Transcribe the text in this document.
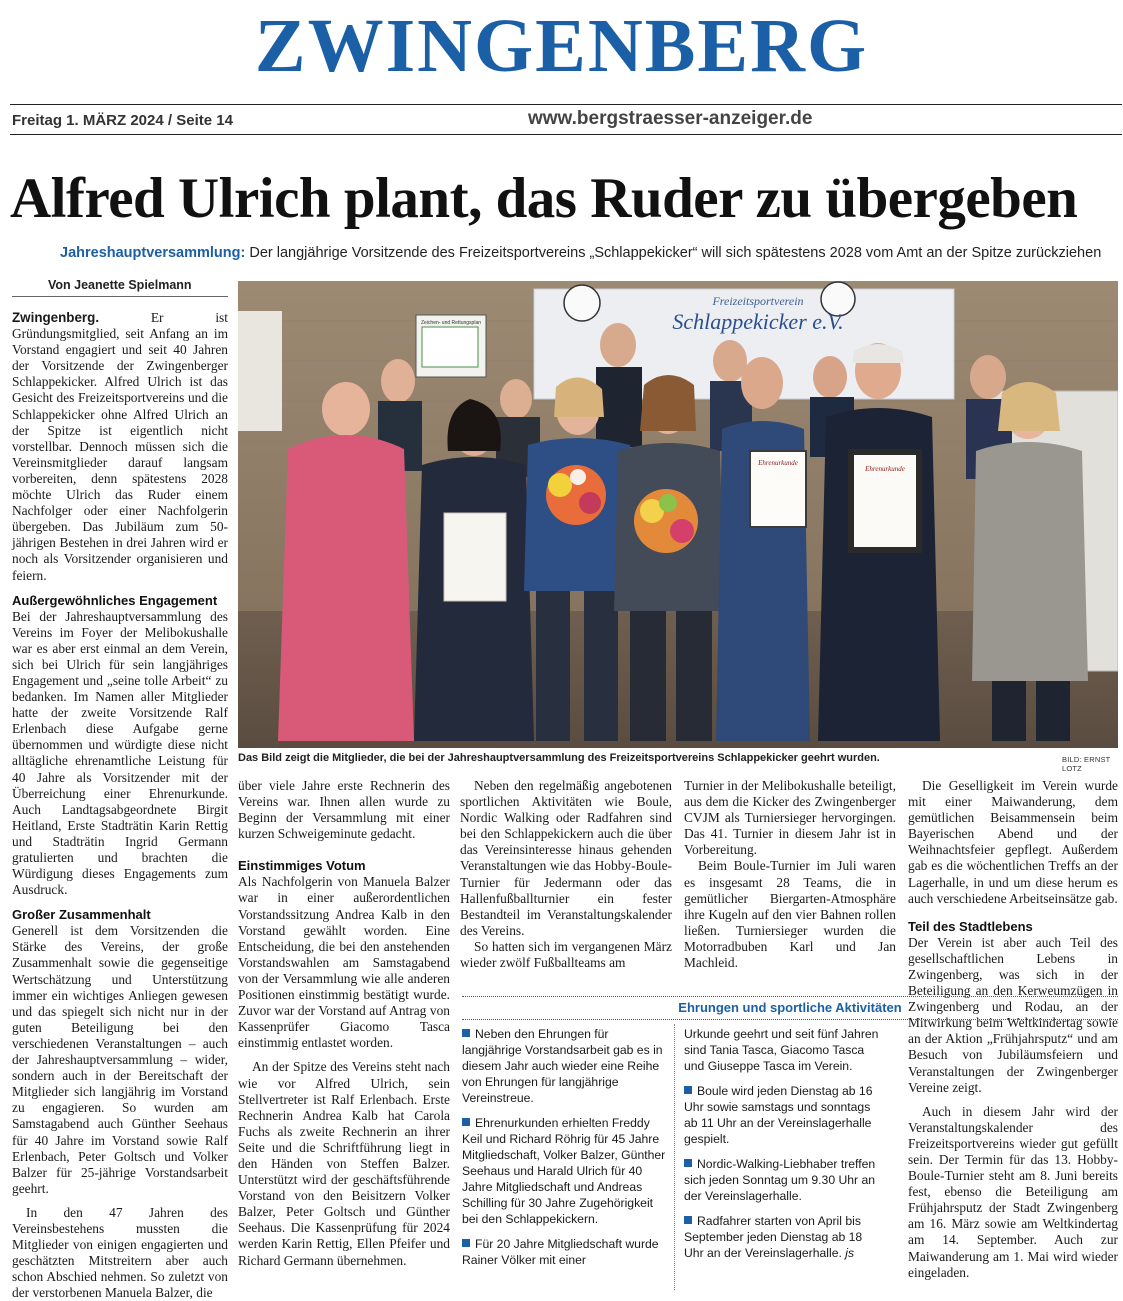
ZWINGENBERG
Freitag 1. MÄRZ 2024 / Seite 14	www.bergstraesser-anzeiger.de
Alfred Ulrich plant, das Ruder zu übergeben
Jahreshauptversammlung: Der langjährige Vorsitzende des Freizeitsportvereins „Schlappekicker“ will sich spätestens 2028 vom Amt an der Spitze zurückziehen
Von Jeanette Spielmann

Zwingenberg. Er ist Gründungsmitglied, seit Anfang an im Vorstand engagiert und seit 40 Jahren der Vorsitzende der Zwingenberger Schlappekicker. Alfred Ulrich ist das Gesicht des Freizeitsportvereins und die Schlappekicker ohne Alfred Ulrich an der Spitze ist eigentlich nicht vorstellbar. Dennoch müssen sich die Vereinsmitglieder darauf langsam vorbereiten, denn spätestens 2028 möchte Ulrich das Ruder einem Nachfolger oder einer Nachfolgerin übergeben. Das Jubiläum zum 50-jährigen Bestehen in drei Jahren wird er noch als Vorsitzender organisieren und feiern.

Außergewöhnliches Engagement

Bei der Jahreshauptversammlung des Vereins im Foyer der Melibokushalle war es aber erst einmal an dem Verein, sich bei Ulrich für sein langjähriges Engagement und „seine tolle Arbeit“ zu bedanken. Im Namen aller Mitglieder hatte der zweite Vorsitzende Ralf Erlenbach diese Aufgabe gerne übernommen und würdigte diese nicht alltägliche ehrenamtliche Leistung für 40 Jahre als Vorsitzender mit der Überreichung einer Ehrenurkunde. Auch Landtagsabgeordnete Birgit Heitland, Erste Stadträtin Karin Rettig und Stadträtin Ingrid Germann gratulierten und brachten die Würdigung dieses Engagements zum Ausdruck.

Großer Zusammenhalt

Generell ist dem Vorsitzenden die Stärke des Vereins, der große Zusammenhalt sowie die gegenseitige Wertschätzung und Unterstützung immer ein wichtiges Anliegen gewesen und das spiegelt sich nicht nur in der guten Beteiligung bei den verschiedenen Veranstaltungen – auch der Jahreshauptversammlung – wider, sondern auch in der Bereitschaft der Mitglieder sich langjährig im Vorstand zu engagieren. So wurden am Samstagabend auch Günther Seehaus für 40 Jahre im Vorstand sowie Ralf Erlenbach, Peter Goltsch und Volker Balzer für 25-jährige Vorstandsarbeit geehrt.

In den 47 Jahren des Vereinsbestehens mussten die Mitglieder von einigen engagierten und geschätzten Mitstreitern aber auch schon Abschied nehmen. So zuletzt von der verstorbenen Manuela Balzer, die

Zeichen- und Rettungsplan
Freizeitsportverein
Schlappekicker e.V.
Ehrenurkunde
Ehrenurkunde
Das Bild zeigt die Mitglieder, die bei der Jahreshauptversammlung des Freizeitsportvereins Schlappekicker geehrt wurden.	BILD: ERNST LOTZ

über viele Jahre erste Rechnerin des Vereins war. Ihnen allen wurde zu Beginn der Versammlung mit einer kurzen Schweigeminute gedacht.

Einstimmiges Votum

Als Nachfolgerin von Manuela Balzer war in einer außerordentlichen Vorstandssitzung Andrea Kalb in den Vorstand gewählt worden. Eine Entscheidung, die bei den anstehenden Vorstandswahlen am Samstagabend von der Versammlung wie alle anderen Positionen einstimmig bestätigt wurde. Zuvor war der Vorstand auf Antrag von Kassenprüfer Giacomo Tasca einstimmig entlastet worden.

An der Spitze des Vereins steht nach wie vor Alfred Ulrich, sein Stellvertreter ist Ralf Erlenbach. Erste Rechnerin Andrea Kalb hat Carola Fuchs als zweite Rechnerin an ihrer Seite und die Schriftführung liegt in den Händen von Steffen Balzer. Unterstützt wird der geschäftsführende Vorstand von den Beisitzern Volker Balzer, Peter Goltsch und Günther Seehaus. Die Kassenprüfung für 2024 werden Karin Rettig, Ellen Pfeifer und Richard Germann übernehmen.

Neben den regelmäßig angebotenen sportlichen Aktivitäten wie Boule, Nordic Walking oder Radfahren sind bei den Schlappekickern auch die über das Vereinsinteresse hinaus gehenden Veranstaltungen wie das Hobby-Boule-Turnier für Jedermann oder das Hallenfußballturnier ein fester Bestandteil im Veranstaltungskalender des Vereins.

So hatten sich im vergangenen März wieder zwölf Fußballteams am

Turnier in der Melibokushalle beteiligt, aus dem die Kicker des Zwingenberger CVJM als Turniersieger hervorgingen. Das 41. Turnier in diesem Jahr ist in Vorbereitung.

Beim Boule-Turnier im Juli waren es insgesamt 28 Teams, die in gemütlicher Biergarten-Atmosphäre ihre Kugeln auf den vier Bahnen rollen ließen. Turniersieger wurden die Motorradbuben Karl und Jan Machleid.

Die Geselligkeit im Verein wurde mit einer Maiwanderung, dem gemütlichen Beisammensein beim Bayerischen Abend und der Weihnachtsfeier gepflegt. Außerdem gab es die wöchentlichen Treffs an der Lagerhalle, in und um diese herum es auch verschiedene Arbeitseinsätze gab.

Teil des Stadtlebens

Der Verein ist aber auch Teil des gesellschaftlichen Lebens in Zwingenberg, was sich in der Beteiligung an den Kerweumzügen in Zwingenberg und Rodau, an der Mitwirkung beim Weltkindertag sowie an der Aktion „Frühjahrsputz“ und am Besuch von Jubiläumsfeiern und Veranstaltungen der Zwingenberger Vereine zeigt.

Auch in diesem Jahr wird der Veranstaltungskalender des Freizeitsportvereins wieder gut gefüllt sein. Der Termin für das 13. Hobby-Boule-Turnier steht am 8. Juni bereits fest, ebenso die Beteiligung am Frühjahrsputz der Stadt Zwingenberg am 16. März sowie am Weltkindertag am 14. September. Auch zur Maiwanderung am 1. Mai wird wieder eingeladen.

Ehrungen und sportliche Aktivitäten

Neben den Ehrungen für langjährige Vorstandsarbeit gab es in diesem Jahr auch wieder eine Reihe von Ehrungen für langjährige Vereinstreue.

Ehrenurkunden erhielten Freddy Keil und Richard Röhrig für 45 Jahre Mitgliedschaft, Volker Balzer, Günther Seehaus und Harald Ulrich für 40 Jahre Mitgliedschaft und Andreas Schilling für 30 Jahre Zugehörigkeit bei den Schlappekickern.

Für 20 Jahre Mitgliedschaft wurde Rainer Völker mit einer

Urkunde geehrt und seit fünf Jahren sind Tania Tasca, Giacomo Tasca und Giuseppe Tasca im Verein.

Boule wird jeden Dienstag ab 16 Uhr sowie samstags und sonntags ab 11 Uhr an der Vereinslagerhalle gespielt.

Nordic-Walking-Liebhaber treffen sich jeden Sonntag um 9.30 Uhr an der Vereinslagerhalle.

Radfahrer starten von April bis September jeden Dienstag ab 18 Uhr an der Vereinslagerhalle. js
